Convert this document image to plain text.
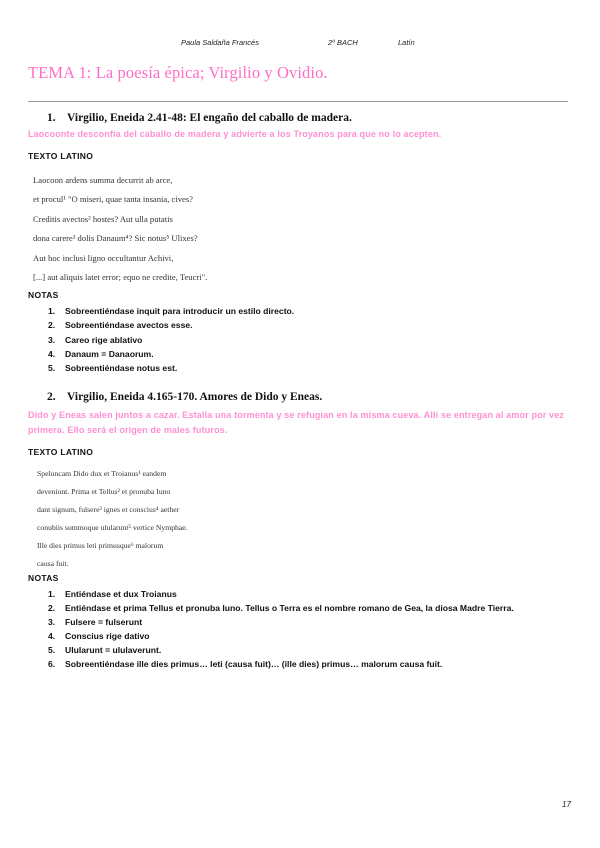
Paula Saldaña Francés	2º BACH	Latín
TEMA 1: La poesía épica; Virgilio y Ovidio.
1. Virgilio, Eneida 2.41-48: El engaño del caballo de madera.
Laocoonte desconfía del caballo de madera y advierte a los Troyanos para que no lo acepten.
TEXTO LATINO
Laocoon ardens summa decurrit ab arce,
et procul¹ "O miseri, quae tanta insania, cives?
Creditis avectos² hostes? Aut ulla putatis
dona carere³ dolis Danaum⁴? Sic notus⁵ Ulixes?
Aut hoc inclusi ligno occultantur Achivi,
[...] aut aliquis latet error; equo ne credite, Teucri".
NOTAS
1. Sobreentiéndase inquit para introducir un estilo directo.
2. Sobreentiéndase avectos esse.
3. Careo rige ablativo
4. Danaum = Danaorum.
5. Sobreentiéndase notus est.
2. Virgilio, Eneida 4.165-170. Amores de Dido y Eneas.
Dido y Eneas salen juntos a cazar. Estalla una tormenta y se refugian en la misma cueva. Allí se entregan al amor por vez primera. Ello será el origen de males futuros.
TEXTO LATINO
Speluncam Dido dux et Troianus¹ eandem
deveniunt. Prima et Tellus² et pronuba Iuno
dant signum, fulsere³ ignes et conscius⁴ aether
conubiis summoque ulularunt⁵ vertice Nymphae.
Ille dies primus leti primusque⁶ malorum
causa fuit.
NOTAS
1. Entiéndase et dux Troianus
2. Entiéndase et prima Tellus et pronuba Iuno. Tellus o Terra es el nombre romano de Gea, la diosa Madre Tierra.
3. Fulsere = fulserunt
4. Conscius rige dativo
5. Ulularunt = ululaverunt.
6. Sobreentiéndase ille dies primus… leti (causa fuit)… (ille dies) primus… malorum causa fuit.
17
